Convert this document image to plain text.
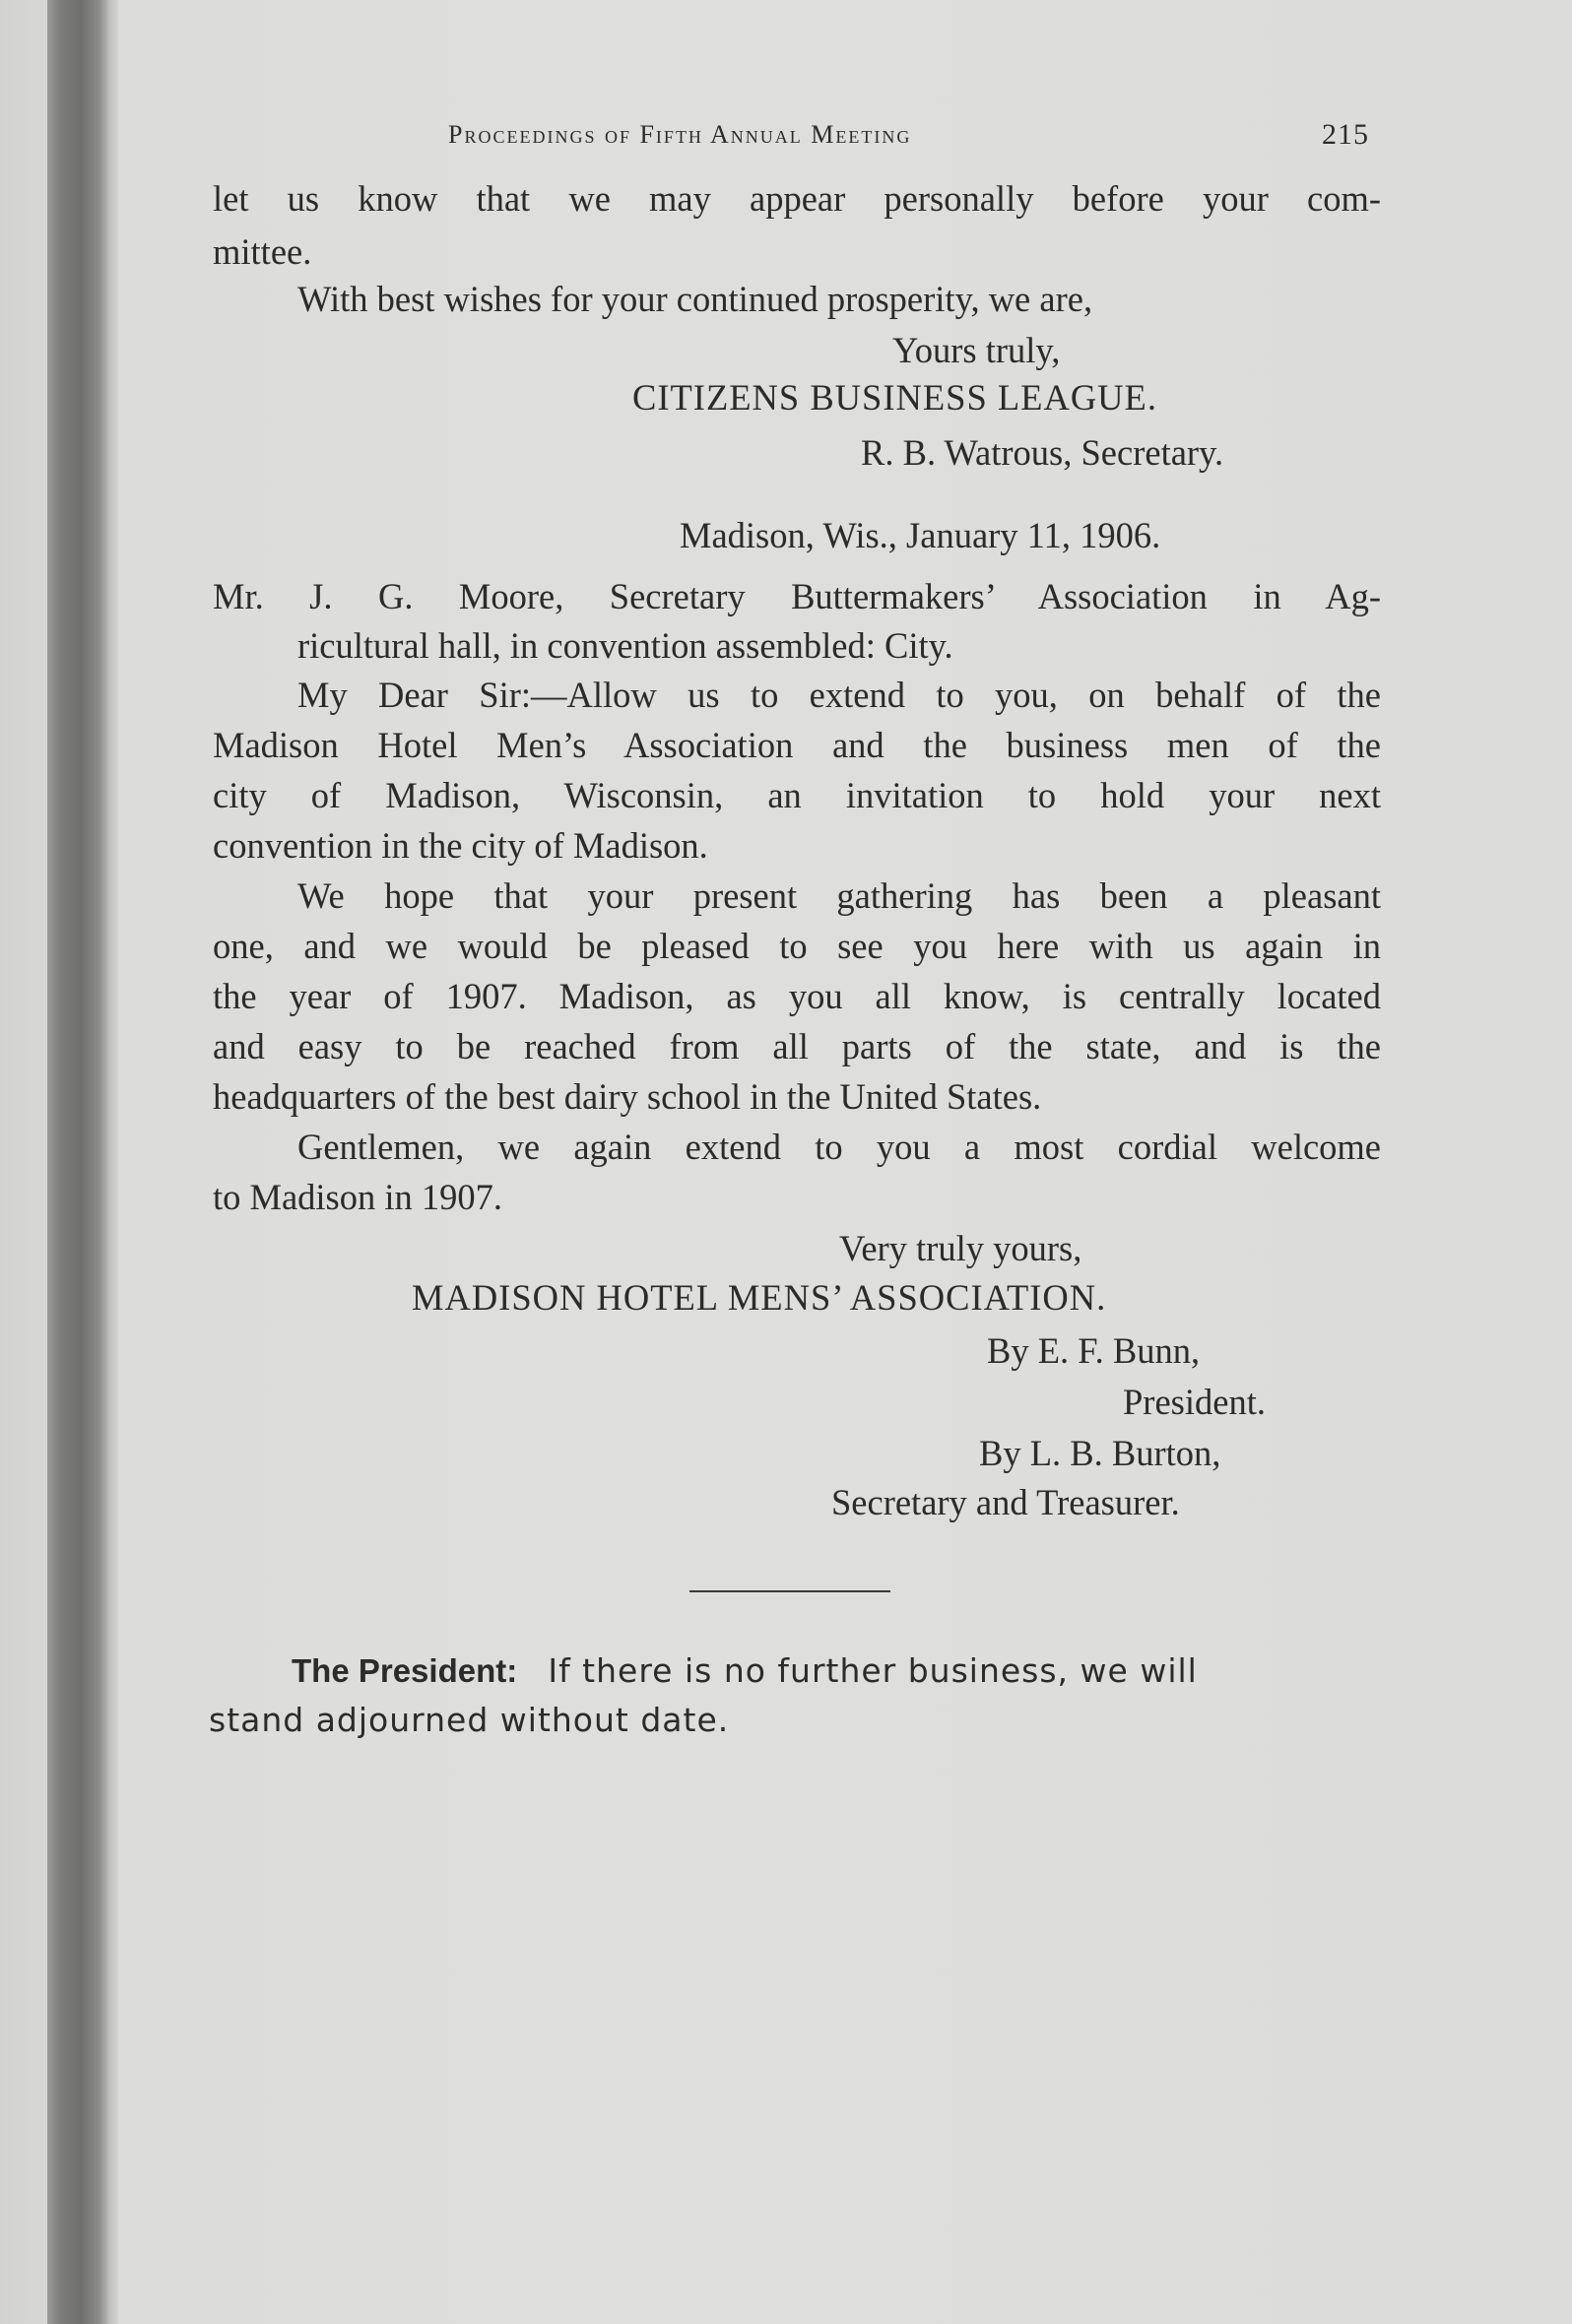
Proceedings of Fifth Annual Meeting	215
let us know that we may appear personally before your com-
mittee.
With best wishes for your continued prosperity, we are,
Yours truly,
CITIZENS BUSINESS LEAGUE.
R. B. Watrous, Secretary.
Madison, Wis., January 11, 1906.
Mr. J. G. Moore, Secretary Buttermakers’ Association in Ag-
ricultural hall, in convention assembled: City.
My Dear Sir:—Allow us to extend to you, on behalf of the
Madison Hotel Men’s Association and the business men of the
city of Madison, Wisconsin, an invitation to hold your next
convention in the city of Madison.
We hope that your present gathering has been a pleasant
one, and we would be pleased to see you here with us again in
the year of 1907. Madison, as you all know, is centrally located
and easy to be reached from all parts of the state, and is the
headquarters of the best dairy school in the United States.
Gentlemen, we again extend to you a most cordial welcome
to Madison in 1907.
Very truly yours,
MADISON HOTEL MENS’ ASSOCIATION.
By E. F. Bunn,
President.
By L. B. Burton,
Secretary and Treasurer.
The President: If there is no further business, we will
stand adjourned without date.
